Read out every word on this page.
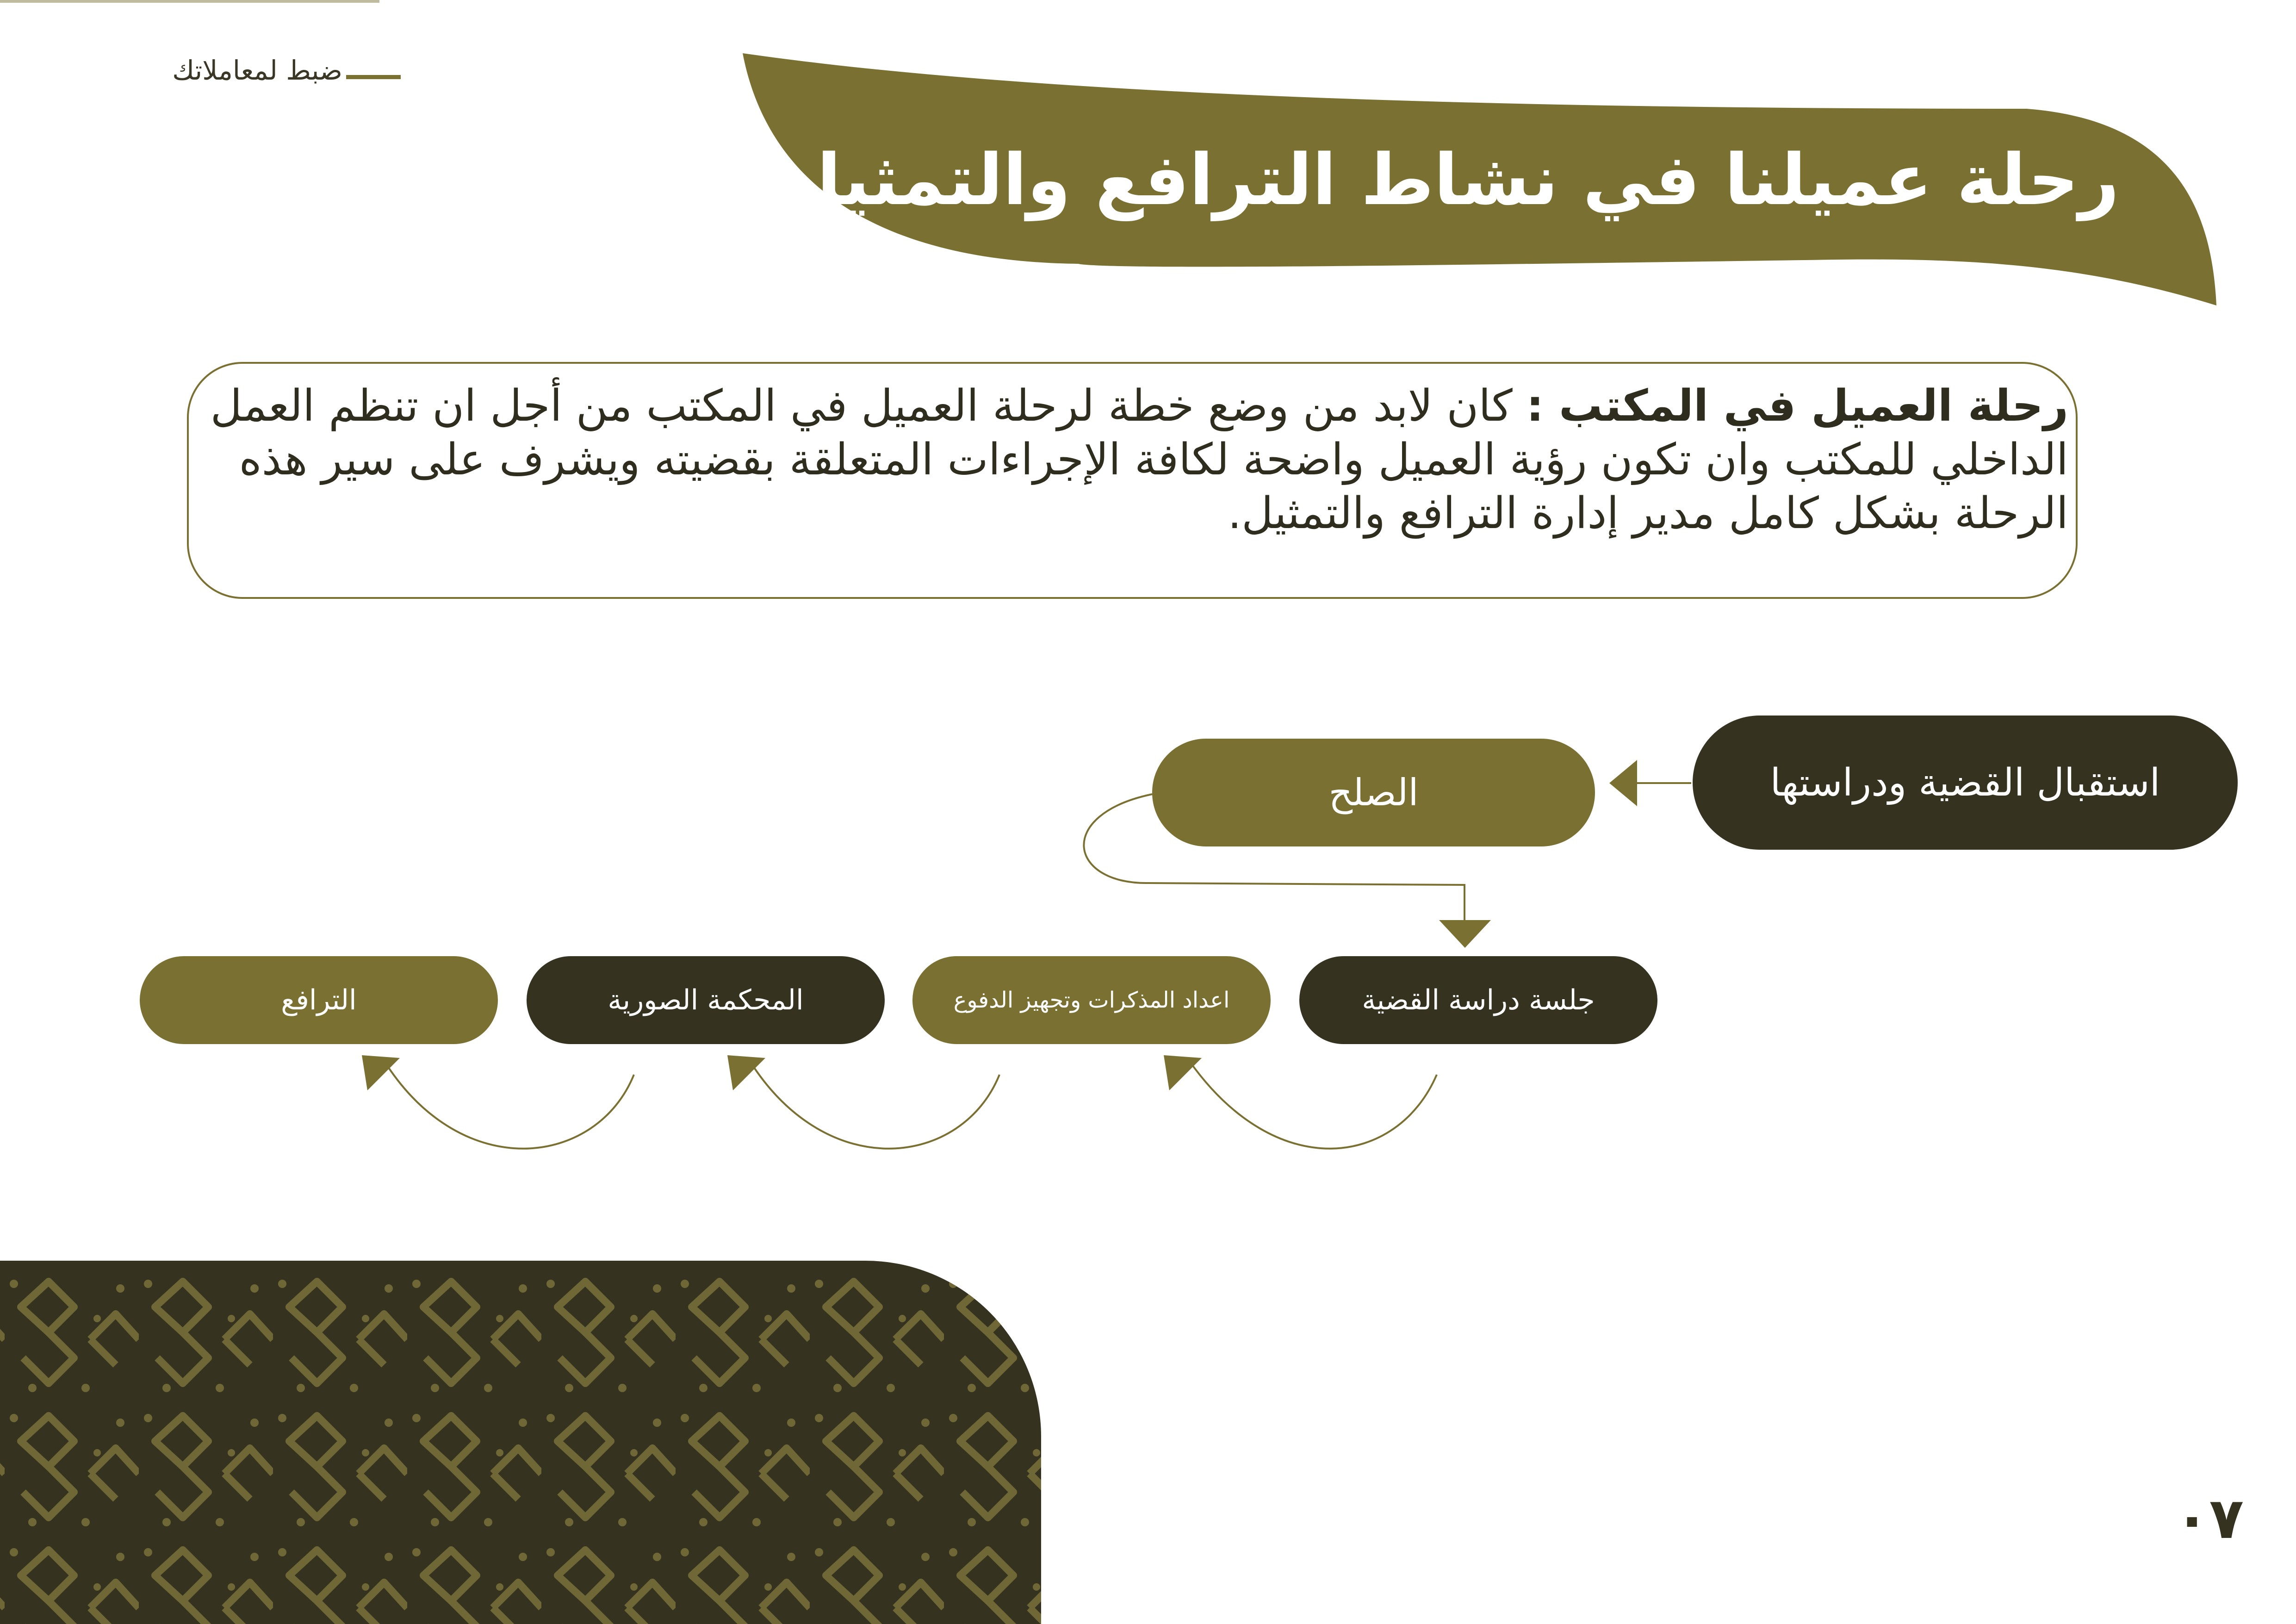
ضبط لمعاملاتك
رحلة عميلنا في نشاط الترافع والتمثيل:
رحلة العميل في المكتب : كان لابد من وضع خطة لرحلة العميل في المكتب من أجل ان تنظم العمل الداخلي للمكتب وان تكون رؤية العميل واضحة لكافة الإجراءات المتعلقة بقضيته ويشرف على سير هذه الرحلة بشكل كامل مدير إدارة الترافع والتمثيل.
استقبال القضية ودراستها
الصلح
جلسة دراسة القضية
اعداد المذكرات وتجهيز الدفوع
المحكمة الصورية
الترافع
٠٧
